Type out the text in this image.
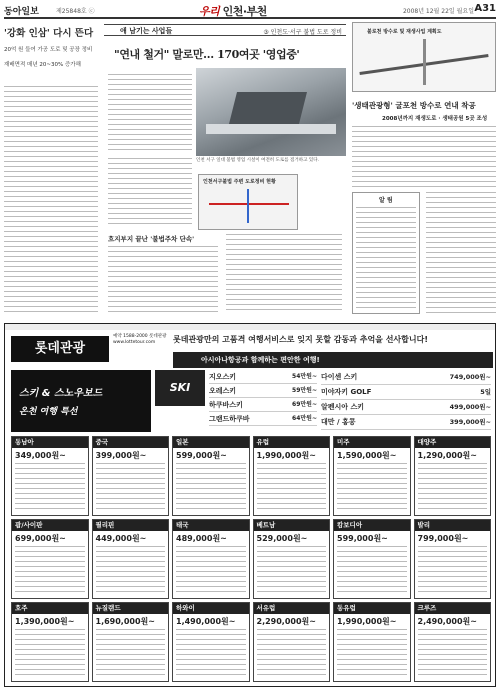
동아일보	제25848호 ⓒ	우리 인천·부천	2008년 12월 22일 월요일 A31
'강화 인삼' 다시 뜬다
20억 원 들여 가공 도로 및 공장 정비
재배면적 매년 20~30% 증가해
애 남기는 사업들	③ 인천도·서구 불법 도로 정비
"연내 철거" 말로만… 170여곳 '영업중'
인천 서구 일대 불법 영업 시설이 여전히 도로를 점거하고 있다.
인천서구불법 주변 도로정비 현황
흐지부지 끝난 '불법주차 단속'
불로천 방수로 및 재생사업 계획도
'생태관광형' 굴포천 방수로 연내 착공
2008년까지 재생도로 · 생태공원 5곳 조성
알 림
롯데관광
예약 1588-2000 롯데관광 www.lottetour.com	롯데관광만의 고품격 여행서비스로 잊지 못할 감동과 추억을 선사합니다!
아시아나항공과 함께하는 편안한 여행!
스키 & 스노우보드
온천 여행 특선
SKI
지오스키	54만원~
오레스키	59만원~
하쿠바스키	69만원~
그랜드하쿠바	64만원~
다이센 스키	749,000원~
미야자키 GOLF	5일
알펜시아 스키	499,000원~
대만 / 홍콩	399,000원~
동남아
349,000원~
중국
399,000원~
일본
599,000원~
유럽
1,990,000원~
미주
1,590,000원~
대양주
1,290,000원~
괌/사이판
699,000원~
필리핀
449,000원~
태국
489,000원~
베트남
529,000원~
캄보디아
599,000원~
발리
799,000원~
호주
1,390,000원~
뉴질랜드
1,690,000원~
하와이
1,490,000원~
서유럽
2,290,000원~
동유럽
1,990,000원~
크루즈
2,490,000원~
